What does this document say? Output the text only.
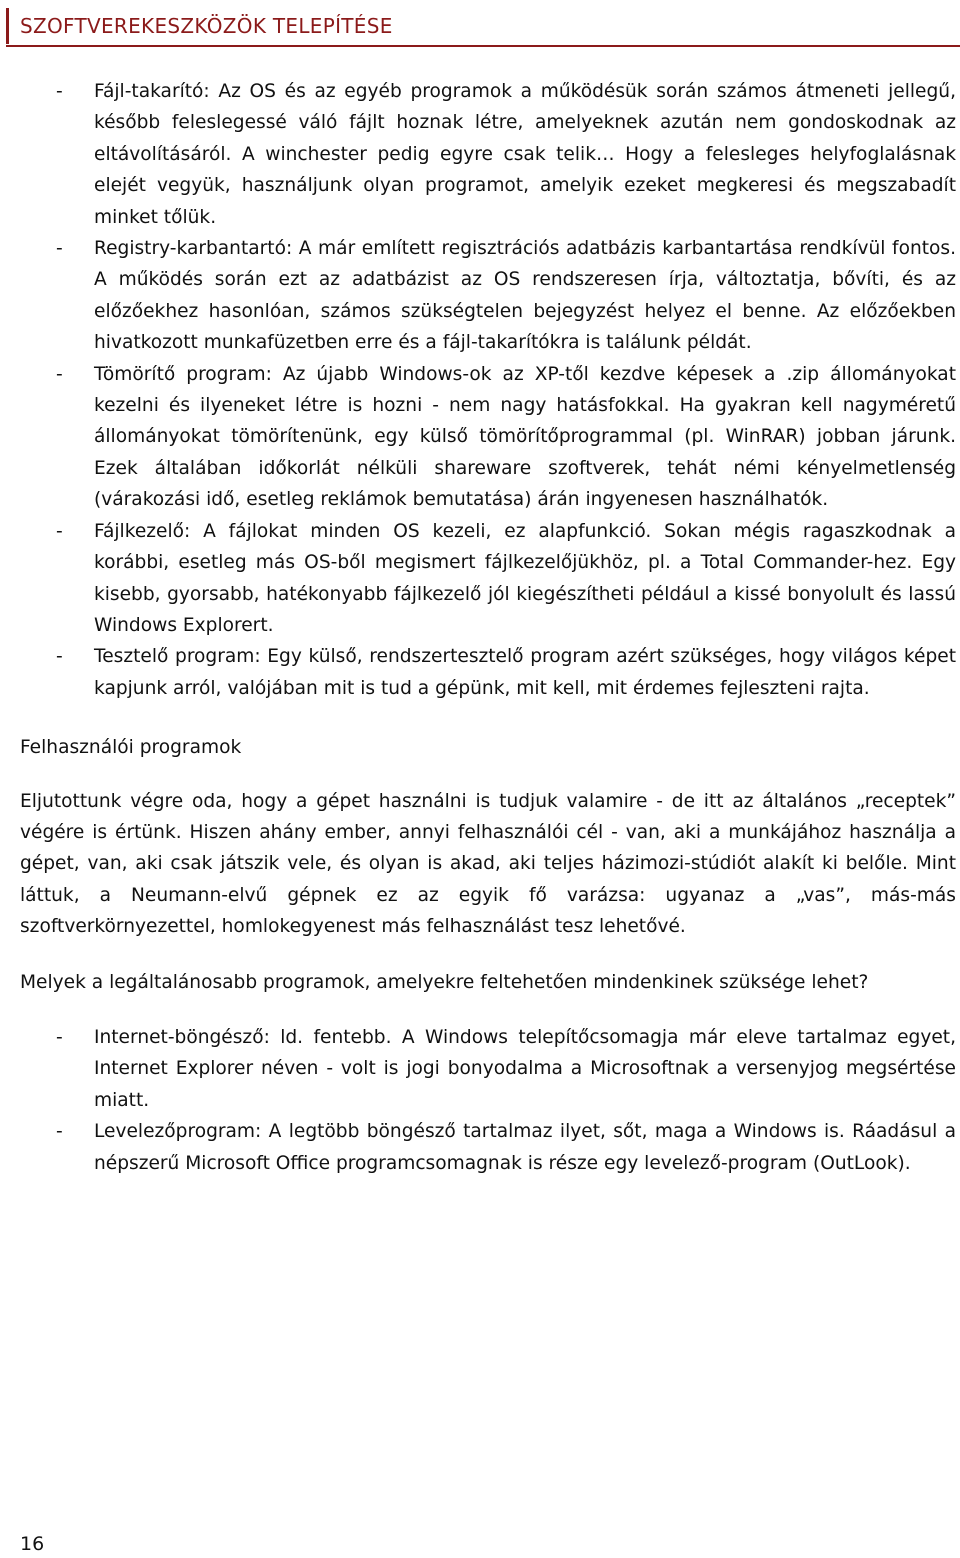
SZOFTVEREKESZKÖZÖK TELEPÍTÉSE
- Fájl-takarító: Az OS és az egyéb programok a működésük során számos átmeneti jellegű, később feleslegessé váló fájlt hoznak létre, amelyeknek azután nem gondoskodnak az eltávolításáról. A winchester pedig egyre csak telik… Hogy a felesleges helyfoglalásnak elejét vegyük, használjunk olyan programot, amelyik ezeket megkeresi és megszabadít minket tőlük.
- Registry-karbantartó: A már említett regisztrációs adatbázis karbantartása rendkívül fontos. A működés során ezt az adatbázist az OS rendszeresen írja, változtatja, bővíti, és az előzőekhez hasonlóan, számos szükségtelen bejegyzést helyez el benne. Az előzőekben hivatkozott munkafüzetben erre és a fájl-takarítókra is találunk példát.
- Tömörítő program: Az újabb Windows-ok az XP-től kezdve képesek a .zip állományokat kezelni és ilyeneket létre is hozni - nem nagy hatásfokkal. Ha gyakran kell nagyméretű állományokat tömörítenünk, egy külső tömörítőprogrammal (pl. WinRAR) jobban járunk. Ezek általában időkorlát nélküli shareware szoftverek, tehát némi kényelmetlenség (várakozási idő, esetleg reklámok bemutatása) árán ingyenesen használhatók.
- Fájlkezelő: A fájlokat minden OS kezeli, ez alapfunkció. Sokan mégis ragaszkodnak a korábbi, esetleg más OS-ből megismert fájlkezelőjükhöz, pl. a Total Commander-hez. Egy kisebb, gyorsabb, hatékonyabb fájlkezelő jól kiegészítheti például a kissé bonyolult és lassú Windows Explorert.
- Tesztelő program: Egy külső, rendszertesztelő program azért szükséges, hogy világos képet kapjunk arról, valójában mit is tud a gépünk, mit kell, mit érdemes fejleszteni rajta.
Felhasználói programok

Eljutottunk végre oda, hogy a gépet használni is tudjuk valamire - de itt az általános „receptek” végére is értünk. Hiszen ahány ember, annyi felhasználói cél - van, aki a munkájához használja a gépet, van, aki csak játszik vele, és olyan is akad, aki teljes házimozi-stúdiót alakít ki belőle. Mint láttuk, a Neumann-elvű gépnek ez az egyik fő varázsa: ugyanaz a „vas”, más-más szoftverkörnyezettel, homlokegyenest más felhasználást tesz lehetővé.

Melyek a legáltalánosabb programok, amelyekre feltehetően mindenkinek szüksége lehet?

- Internet-böngésző: ld. fentebb. A Windows telepítőcsomagja már eleve tartalmaz egyet, Internet Explorer néven - volt is jogi bonyodalma a Microsoftnak a versenyjog megsértése miatt.
- Levelezőprogram: A legtöbb böngésző tartalmaz ilyet, sőt, maga a Windows is. Ráadásul a népszerű Microsoft Office programcsomagnak is része egy levelező-program (OutLook).
16
